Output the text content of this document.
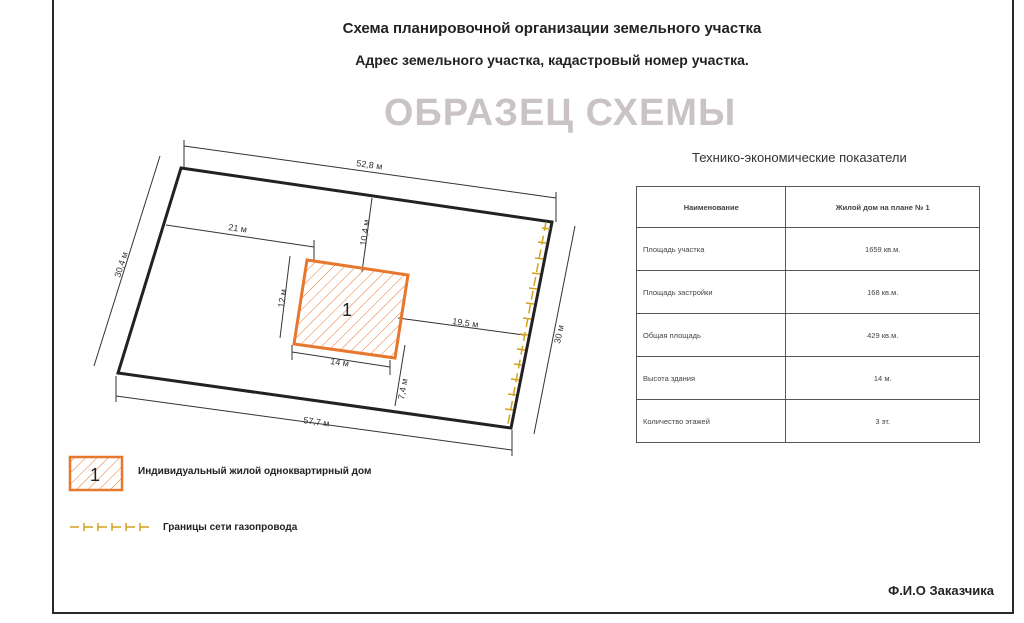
Схема планировочной организации земельного участка
Адрес земельного участка, кадастровый номер участка.
ОБРАЗЕЦ СХЕМЫ
1
52,8 м
30,4 м
30 м
57,7 м
21 м	10,4 м
19,5 м
7,4 м
14 м
12 м
1
Технико-экономические показатели
Наименование	Жилой дом на плане № 1
Площадь участка	1659 кв.м.
Площадь застройки	168 кв.м.
Общая площадь	429 кв.м.
Высота здания	14 м.
Количество этажей	3 эт.
Индивидуальный жилой одноквартирный дом
Границы сети газопровода
Ф.И.О Заказчика
